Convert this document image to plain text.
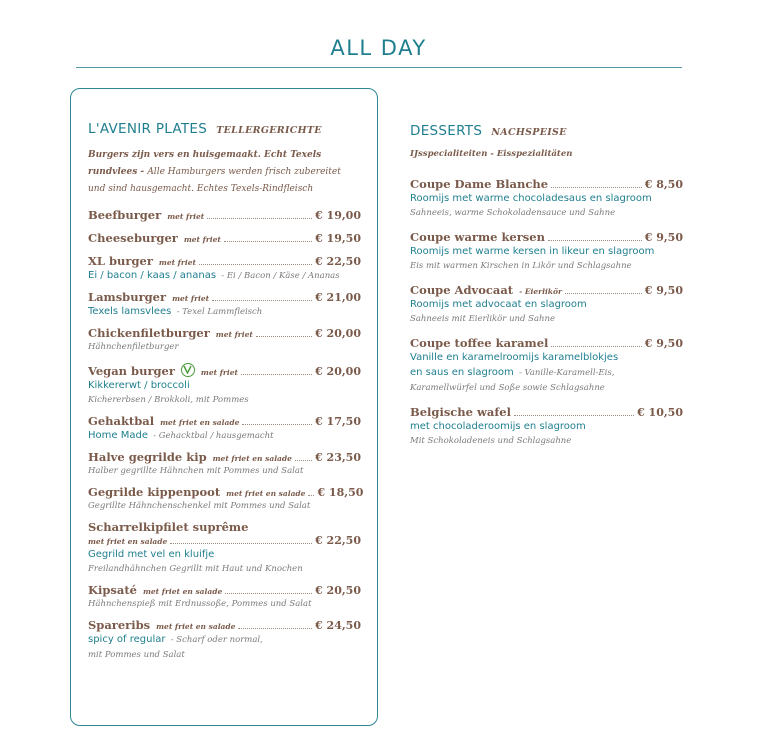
ALL DAY
L'AVENIR PLATES TELLERGERICHTE
Burgers zijn vers en huisgemaakt. Echt Texels rundvlees - Alle Hamburgers werden frisch zubereitet und sind hausgemacht. Echtes Texels-Rindfleisch
Beefburger met friet	€ 19,00
Cheeseburger met friet	€ 19,50
XL burger met friet	€ 22,50
Ei / bacon / kaas / ananas - Ei / Bacon / Käse / Ananas
Lamsburger met friet	€ 21,00
Texels lamsvlees - Texel Lammfleisch
Chickenfiletburger met friet	€ 20,00
Hähnchenfiletburger
Vegan burger	met friet	€ 20,00
Kikkererwt / broccoli
Kichererbsen / Brokkoli, mit Pommes
Gehaktbal met friet en salade	€ 17,50
Home Made - Gehacktbal / hausgemacht
Halve gegrilde kip met friet en salade € 23,50
Halber gegrillte Hähnchen mit Pommes und Salat
Gegrilde kippenpoot met friet en salade € 18,50
Gegrillte Hähnchenschenkel mit Pommes und Salat
Scharrelkipfilet suprême
met friet en salade	€ 22,50
Gegrild met vel en kluifje
Freilandhähnchen Gegrillt mit Haut und Knochen
Kipsaté met friet en salade	€ 20,50
Hähnchenspieß mit Erdnussoße, Pommes und Salat
Spareribs met friet en salade	€ 24,50
spicy of regular - Scharf oder normal,
mit Pommes und Salat
DESSERTS NACHSPEISE
IJsspecialiteiten - Eisspezialitäten
Coupe Dame Blanche	€ 8,50
Roomijs met warme chocoladesaus en slagroom
Sahneeis, warme Schokoladensauce und Sahne
Coupe warme kersen	€ 9,50
Roomijs met warme kersen in likeur en slagroom
Eis mit warmen Kirschen in Likör und Schlagsahne
Coupe Advocaat - Eierlikör	€ 9,50
Roomijs met advocaat en slagroom
Sahneeis mit Eierlikör und Sahne
Coupe toffee karamel	€ 9,50
Vanille en karamelroomijs karamelblokjes
en saus en slagroom - Vanille-Karamell-Eis,
Karamellwürfel und Soße sowie Schlagsahne
Belgische wafel	€ 10,50
met chocoladeroomijs en slagroom
Mit Schokoladeneis und Schlagsahne
